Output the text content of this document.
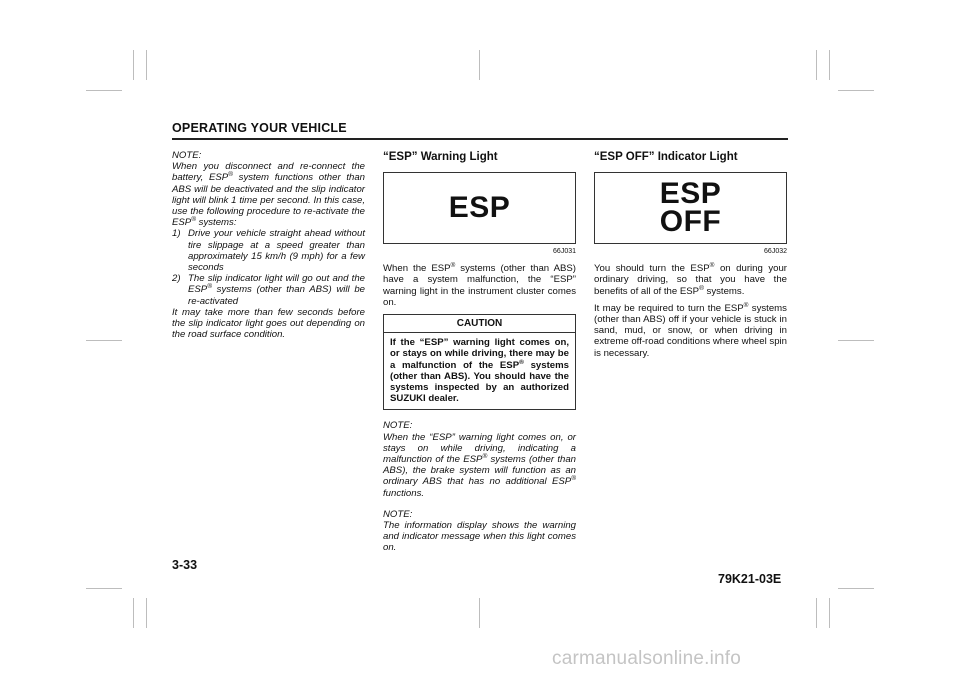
OPERATING YOUR VEHICLE
NOTE:
When you disconnect and re-connect the battery, ESP® system functions other than ABS will be deactivated and the slip indicator light will blink 1 time per second. In this case, use the following procedure to re-activate the ESP® systems:
1) Drive your vehicle straight ahead without tire slippage at a speed greater than approximately 15 km/h (9 mph) for a few seconds
2) The slip indicator light will go out and the ESP® systems (other than ABS) will be re-activated
It may take more than few seconds before the slip indicator light goes out depending on the road surface condition.
“ESP” Warning Light
ESP
66J031
When the ESP® systems (other than ABS) have a system malfunction, the “ESP” warning light in the instrument cluster comes on.
CAUTION
If the “ESP” warning light comes on, or stays on while driving, there may be a malfunction of the ESP® systems (other than ABS). You should have the systems inspected by an authorized SUZUKI dealer.
NOTE:
When the “ESP” warning light comes on, or stays on while driving, indicating a malfunction of the ESP® systems (other than ABS), the brake system will function as an ordinary ABS that has no additional ESP® functions.
NOTE:
The information display shows the warning and indicator message when this light comes on.
“ESP OFF” Indicator Light
ESP
OFF
66J032
You should turn the ESP® on during your ordinary driving, so that you have the benefits of all of the ESP® systems.
It may be required to turn the ESP® systems (other than ABS) off if your vehicle is stuck in sand, mud, or snow, or when driving in extreme off-road conditions where wheel spin is necessary.
3-33
79K21-03E
carmanualsonline.info
